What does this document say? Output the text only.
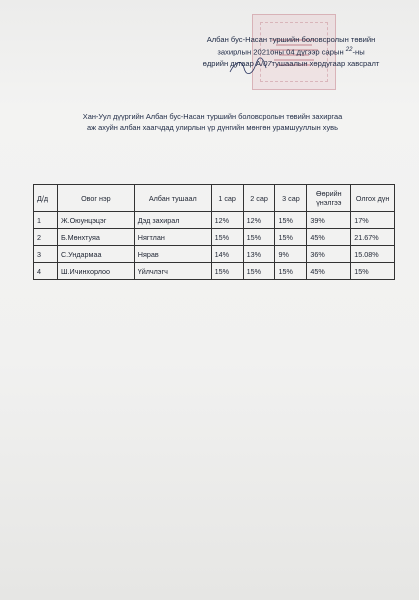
Албан бус-Насан туршийн боловсролын төвийн
захирлын 2021оны 04 дүгээр сарын $^{22}$-ны
өдрийн дугаар А/07тушаалын хөрдугаар хавсралт
Хан-Уул дүүргийн Албан бус-Насан туршийн боловсролын төвийн захиргаа
аж ахуйн албан хаагчдад улирлын үр дүнгийн мөнгөн урамшууллын хувь
Д/д	Овог нэр	Албан тушаал	1 сар	2 сар	3 сар	Өөрийн үнэлгээ	Олгох дүн
1	Ж.Оюунцэцэг	Дэд захирал	12%	12%	15%	39%	17%
2	Б.Мөнхтуяа	Нягтлан	15%	15%	15%	45%	21.67%
3	С.Ундармаа	Нярав	14%	13%	9%	36%	15.08%
4	Ш.Ичинхорлоо	Үйлчлэгч	15%	15%	15%	45%	15%
